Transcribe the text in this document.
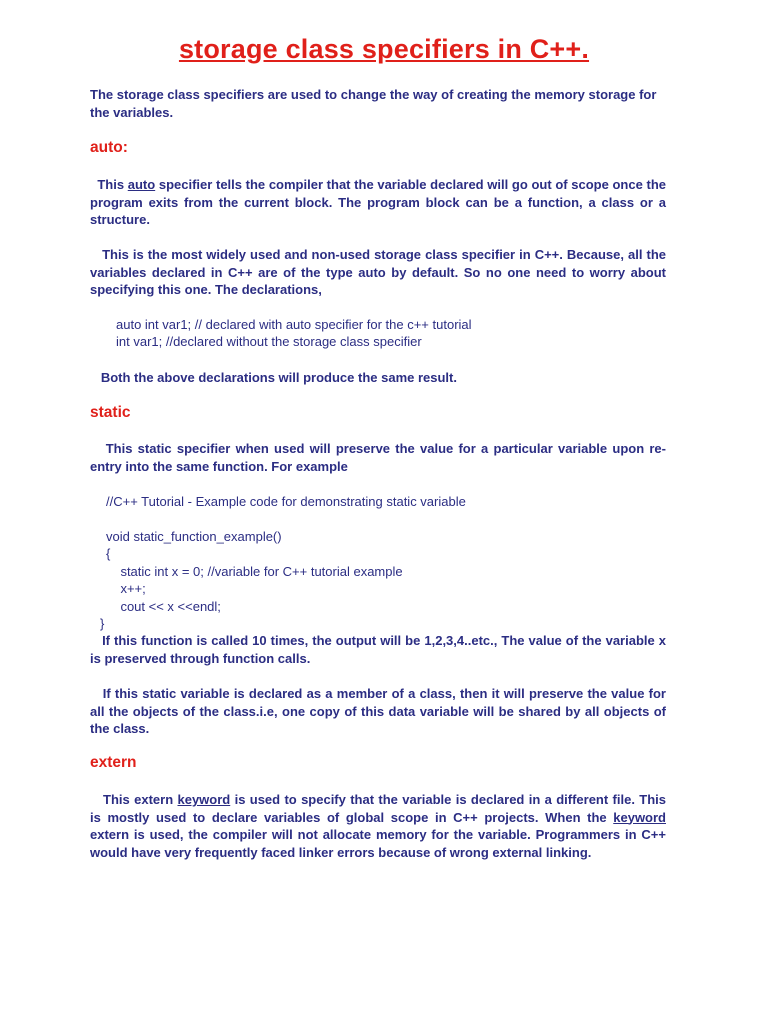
storage class specifiers in C++.

The storage class specifiers are used to change the way of creating the memory storage for the variables.

auto:

This auto specifier tells the compiler that the variable declared will go out of scope once the program exits from the current block. The program block can be a function, a class or a structure.

This is the most widely used and non-used storage class specifier in C++. Because, all the variables declared in C++ are of the type auto by default. So no one need to worry about specifying this one. The declarations,

auto int var1; // declared with auto specifier for the c++ tutorial
int var1; //declared without the storage class specifier

Both the above declarations will produce the same result.

static

This static specifier when used will preserve the value for a particular variable upon re-entry into the same function. For example

//C++ Tutorial - Example code for demonstrating static variable
void static_function_example()
{
static int x = 0; //variable for C++ tutorial example
x++;
cout << x <<endl;
}

If this function is called 10 times, the output will be 1,2,3,4..etc., The value of the variable x is preserved through function calls.

If this static variable is declared as a member of a class, then it will preserve the value for all the objects of the class.i.e, one copy of this data variable will be shared by all objects of the class.

extern

This extern keyword is used to specify that the variable is declared in a different file. This is mostly used to declare variables of global scope in C++ projects. When the keyword extern is used, the compiler will not allocate memory for the variable. Programmers in C++ would have very frequently faced linker errors because of wrong external linking.
